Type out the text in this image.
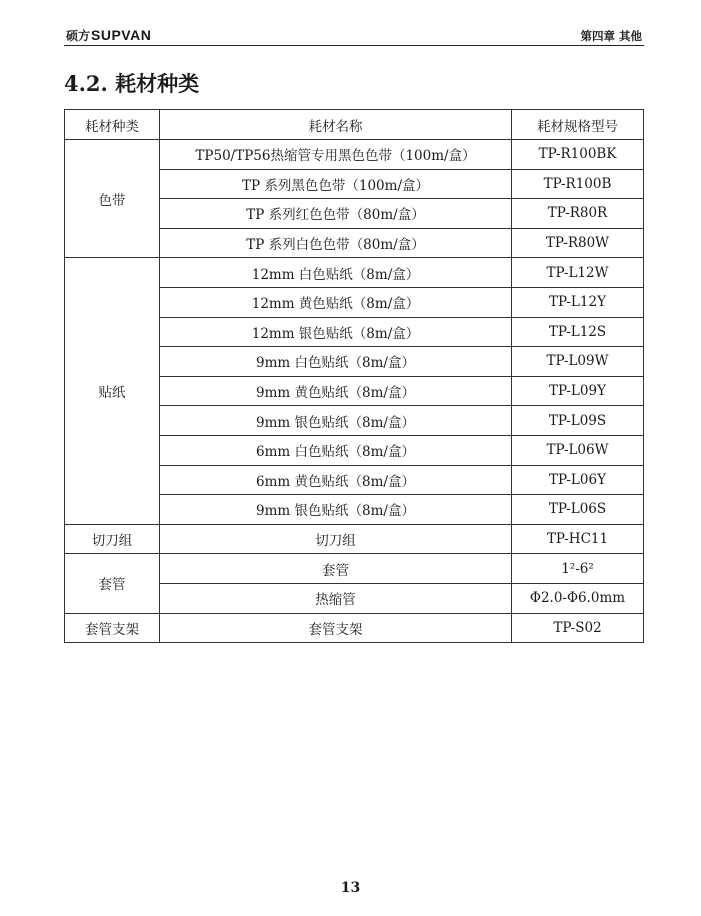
硕方SUPVAN	第四章 其他
4.2. 耗材种类
耗材种类	耗材名称	耗材规格型号
色带	TP50/TP56热缩管专用黑色色带（100m/盒）	TP-R100BK
	TP 系列黑色色带（100m/盒）	TP-R100B
	TP 系列红色色带（80m/盒）	TP-R80R
	TP 系列白色色带（80m/盒）	TP-R80W
贴纸	12mm 白色贴纸（8m/盒）	TP-L12W
	12mm 黄色贴纸（8m/盒）	TP-L12Y
	12mm 银色贴纸（8m/盒）	TP-L12S
	9mm 白色贴纸（8m/盒）	TP-L09W
	9mm 黄色贴纸（8m/盒）	TP-L09Y
	9mm 银色贴纸（8m/盒）	TP-L09S
	6mm 白色贴纸（8m/盒）	TP-L06W
	6mm 黄色贴纸（8m/盒）	TP-L06Y
	9mm 银色贴纸（8m/盒）	TP-L06S
切刀组	切刀组	TP-HC11
套管	套管	1²-6²
	热缩管	Φ2.0-Φ6.0mm
套管支架	套管支架	TP-S02
13
